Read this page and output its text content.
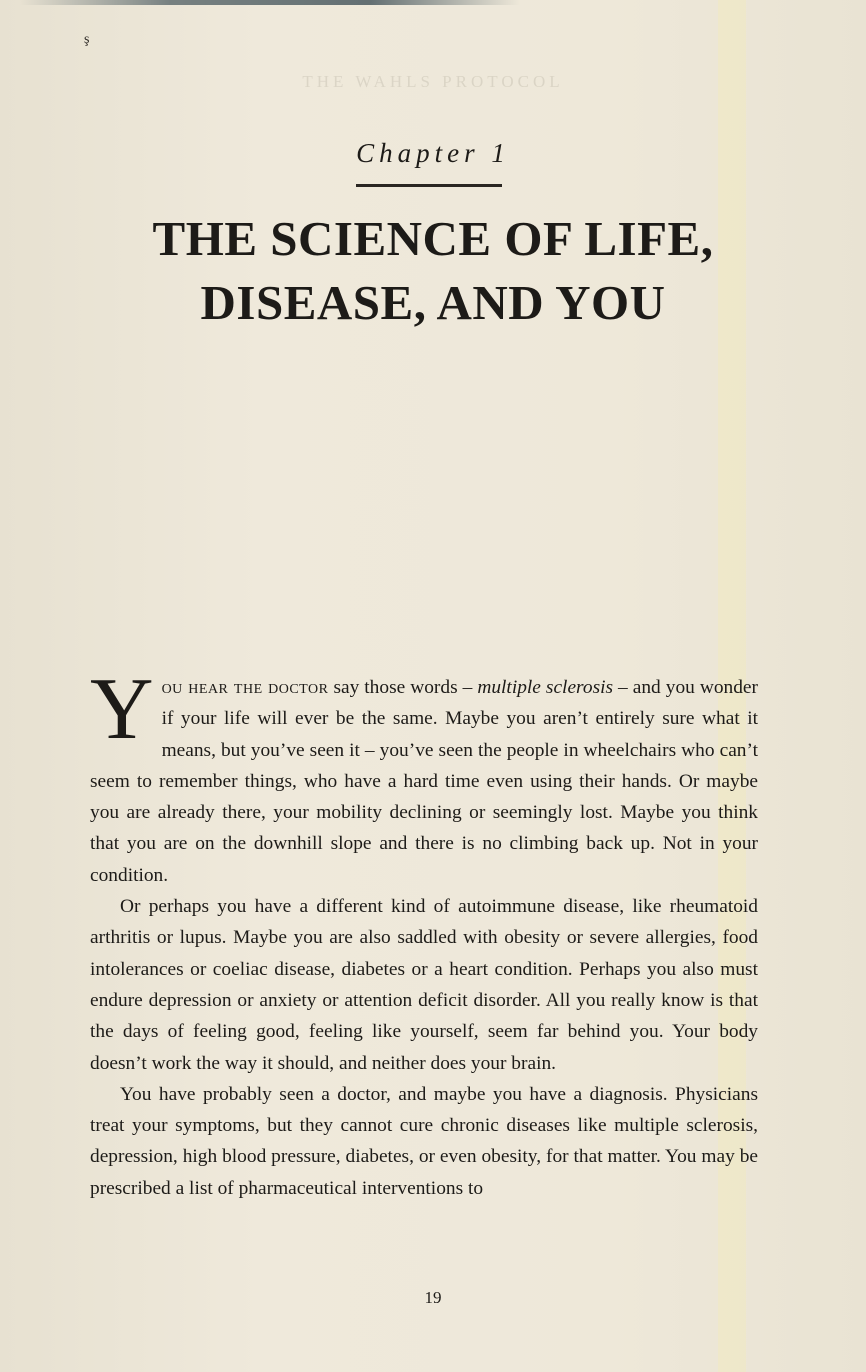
ş
THE WAHLS PROTOCOL
Chapter 1
THE SCIENCE OF LIFE,
DISEASE, AND YOU

You hear the doctor say those words – multiple sclerosis – and you wonder if your life will ever be the same. Maybe you aren’t entirely sure what it means, but you’ve seen it – you’ve seen the people in wheelchairs who can’t seem to remember things, who have a hard time even using their hands. Or maybe you are already there, your mobility declining or seemingly lost. Maybe you think that you are on the downhill slope and there is no climbing back up. Not in your condition.

Or perhaps you have a different kind of autoimmune disease, like rheumatoid arthritis or lupus. Maybe you are also saddled with obesity or severe allergies, food intolerances or coeliac disease, diabetes or a heart condition. Perhaps you also must endure depression or anxiety or attention deficit disorder. All you really know is that the days of feeling good, feeling like yourself, seem far behind you. Your body doesn’t work the way it should, and neither does your brain.

You have probably seen a doctor, and maybe you have a diagnosis. Physicians treat your symptoms, but they cannot cure chronic diseases like multiple sclerosis, depression, high blood pressure, diabetes, or even obesity, for that matter. You may be prescribed a list of pharmaceutical interventions to

19
